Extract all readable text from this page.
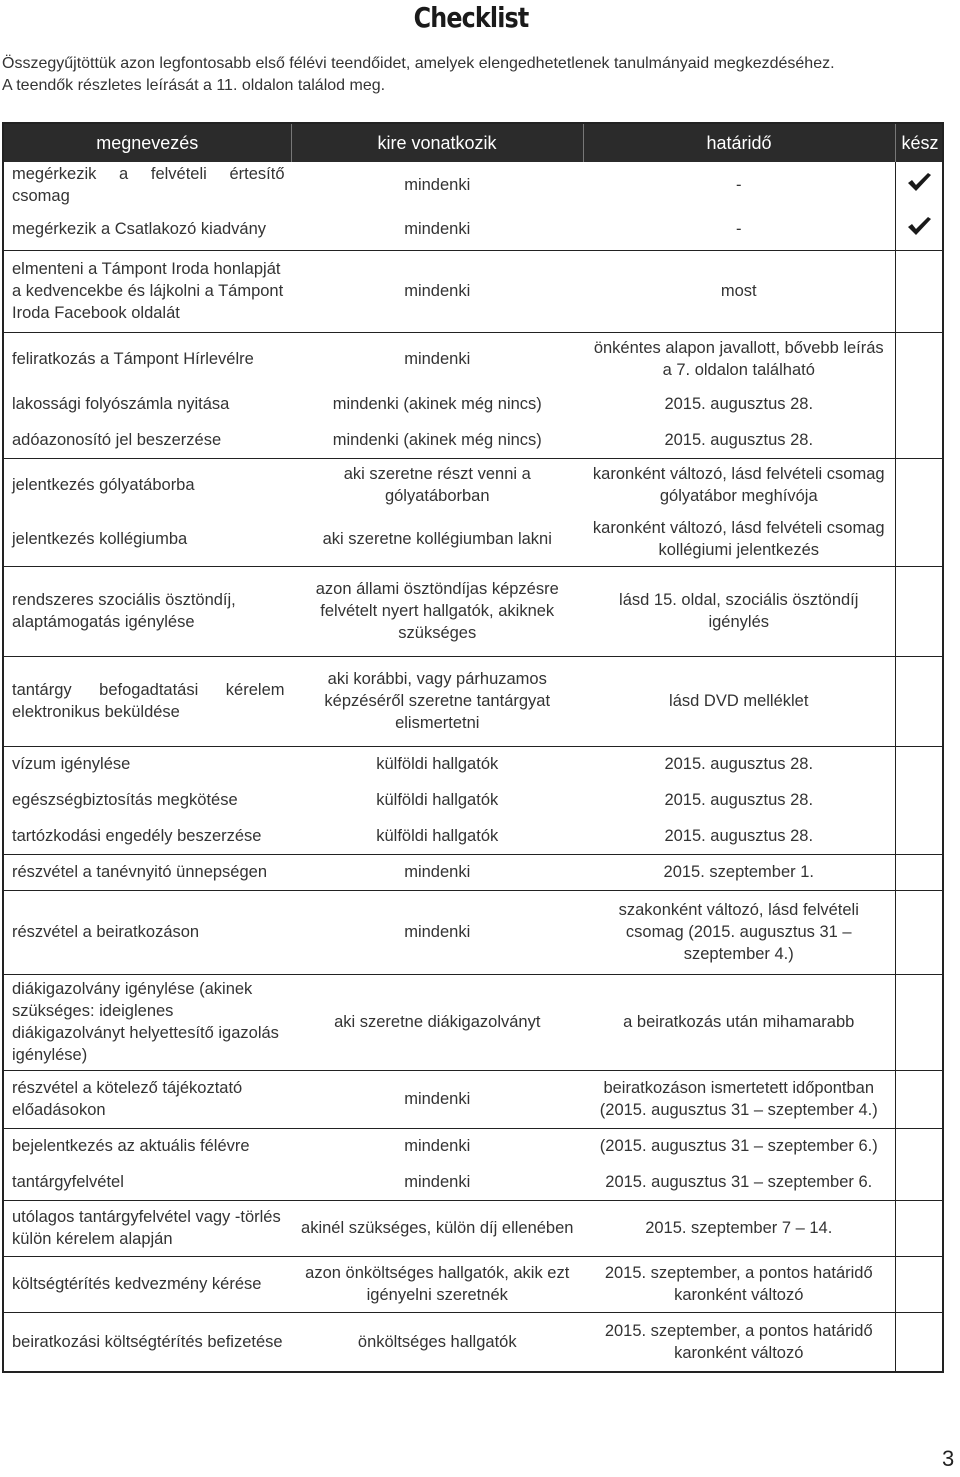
Checklist
Összegyűjtöttük azon legfontosabb első félévi teendőidet, amelyek elengedhetetlenek tanulmányaid megkezdéséhez.
A teendők részletes leírását a 11. oldalon találod meg.
megnevezés	kire vonatkozik	határidő	kész
megérkezik a felvételi értesítő csomag	mindenki	-	

megérkezik a Csatlakozó kiadvány	mindenki	-	

elmenteni a Támpont Iroda honlapját a kedvencekbe és lájkolni a Támpont Iroda Facebook oldalát	mindenki	most	
feliratkozás a Támpont Hírlevélre	mindenki	önkéntes alapon javallott, bővebb leírás a 7. oldalon található	
lakossági folyószámla nyitása	mindenki (akinek még nincs)	2015. augusztus 28.	
adóazonosító jel beszerzése	mindenki (akinek még nincs)	2015. augusztus 28.	
jelentkezés gólyatáborba	aki szeretne részt venni a gólyatáborban	karonként változó, lásd felvételi csomag gólyatábor meghívója	
jelentkezés kollégiumba	aki szeretne kollégiumban lakni	karonként változó, lásd felvételi csomag kollégiumi jelentkezés	
rendszeres szociális ösztöndíj, alaptámogatás igénylése	azon állami ösztöndíjas képzésre felvételt nyert hallgatók, akiknek szükséges	lásd 15. oldal, szociális ösztöndíj igénylés	
tantárgy befogadtatási kérelem elektronikus beküldése	aki korábbi, vagy párhuzamos képzéséről szeretne tantárgyat elismertetni	lásd DVD melléklet	
vízum igénylése	külföldi hallgatók	2015. augusztus 28.	
egészségbiztosítás megkötése	külföldi hallgatók	2015. augusztus 28.	
tartózkodási engedély beszerzése	külföldi hallgatók	2015. augusztus 28.	
részvétel a tanévnyitó ünnepségen	mindenki	2015. szeptember 1.	
részvétel a beiratkozáson	mindenki	szakonként változó, lásd felvételi csomag (2015. augusztus 31 – szeptember 4.)	
diákigazolvány igénylése (akinek szükséges: ideiglenes diákigazolványt helyettesítő igazolás igénylése)	aki szeretne diákigazolványt	a beiratkozás után mihamarabb	
részvétel a kötelező tájékoztató előadásokon	mindenki	beiratkozáson ismertetett időpontban (2015. augusztus 31 – szeptember 4.)	
bejelentkezés az aktuális félévre	mindenki	(2015. augusztus 31 – szeptember 6.)	
tantárgyfelvétel	mindenki	2015. augusztus 31 – szeptember 6.	
utólagos tantárgyfelvétel vagy -törlés külön kérelem alapján	akinél szükséges, külön díj ellenében	2015. szeptember 7 – 14.	
költségtérítés kedvezmény kérése	azon önköltséges hallgatók, akik ezt igényelni szeretnék	2015. szeptember, a pontos határidő karonként változó	
beiratkozási költségtérítés befizetése	önköltséges hallgatók	2015. szeptember, a pontos határidő karonként változó	
3
